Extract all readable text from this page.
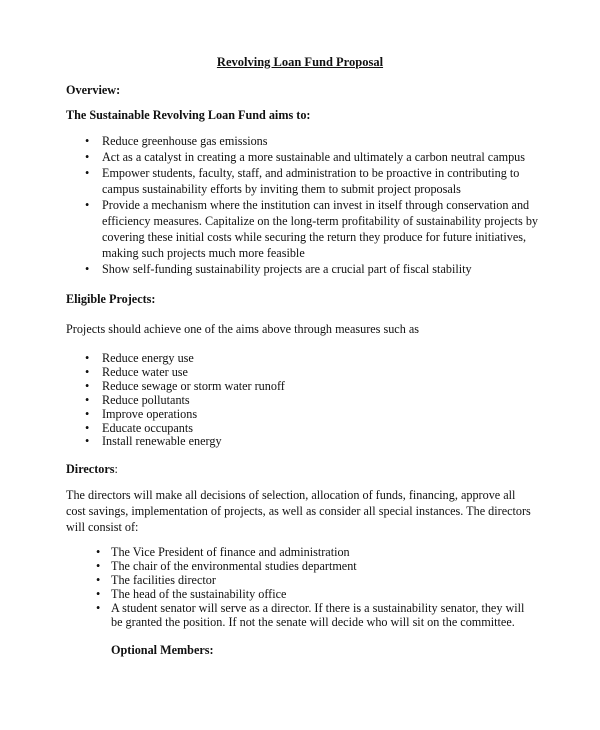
Revolving Loan Fund Proposal
Overview:
The Sustainable Revolving Loan Fund aims to:
• Reduce greenhouse gas emissions
• Act as a catalyst in creating a more sustainable and ultimately a carbon neutral campus
• Empower students, faculty, staff, and administration to be proactive in contributing to campus sustainability efforts by inviting them to submit project proposals
• Provide a mechanism where the institution can invest in itself through conservation and efficiency measures. Capitalize on the long-term profitability of sustainability projects by covering these initial costs while securing the return they produce for future initiatives, making such projects much more feasible
• Show self-funding sustainability projects are a crucial part of fiscal stability
Eligible Projects:
Projects should achieve one of the aims above through measures such as
• Reduce energy use
• Reduce water use
• Reduce sewage or storm water runoff
• Reduce pollutants
• Improve operations
• Educate occupants
• Install renewable energy
Directors:
The directors will make all decisions of selection, allocation of funds, financing, approve all cost savings, implementation of projects, as well as consider all special instances. The directors will consist of:
• The Vice President of finance and administration
• The chair of the environmental studies department
• The facilities director
• The head of the sustainability office
• A student senator will serve as a director. If there is a sustainability senator, they will be granted the position. If not the senate will decide who will sit on the committee.
Optional Members:
